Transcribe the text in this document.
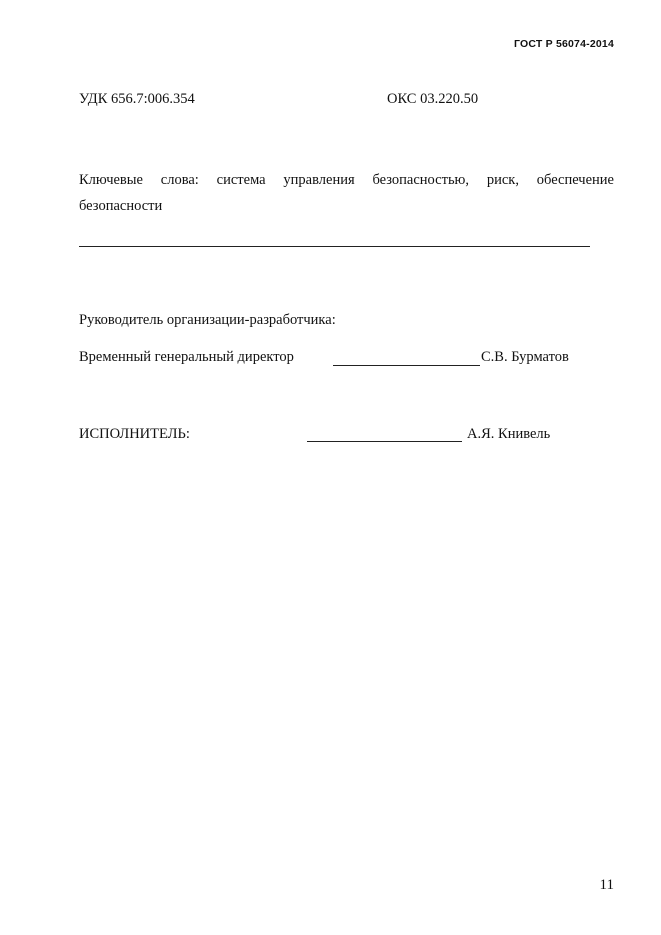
ГОСТ Р 56074-2014
УДК 656.7:006.354	ОКС 03.220.50
Ключевые слова: система управления безопасностью, риск, обеспечение безопасности
Руководитель организации-разработчика:
Временный генеральный директор	С.В. Бурматов
ИСПОЛНИТЕЛЬ:	А.Я. Книвель
11
